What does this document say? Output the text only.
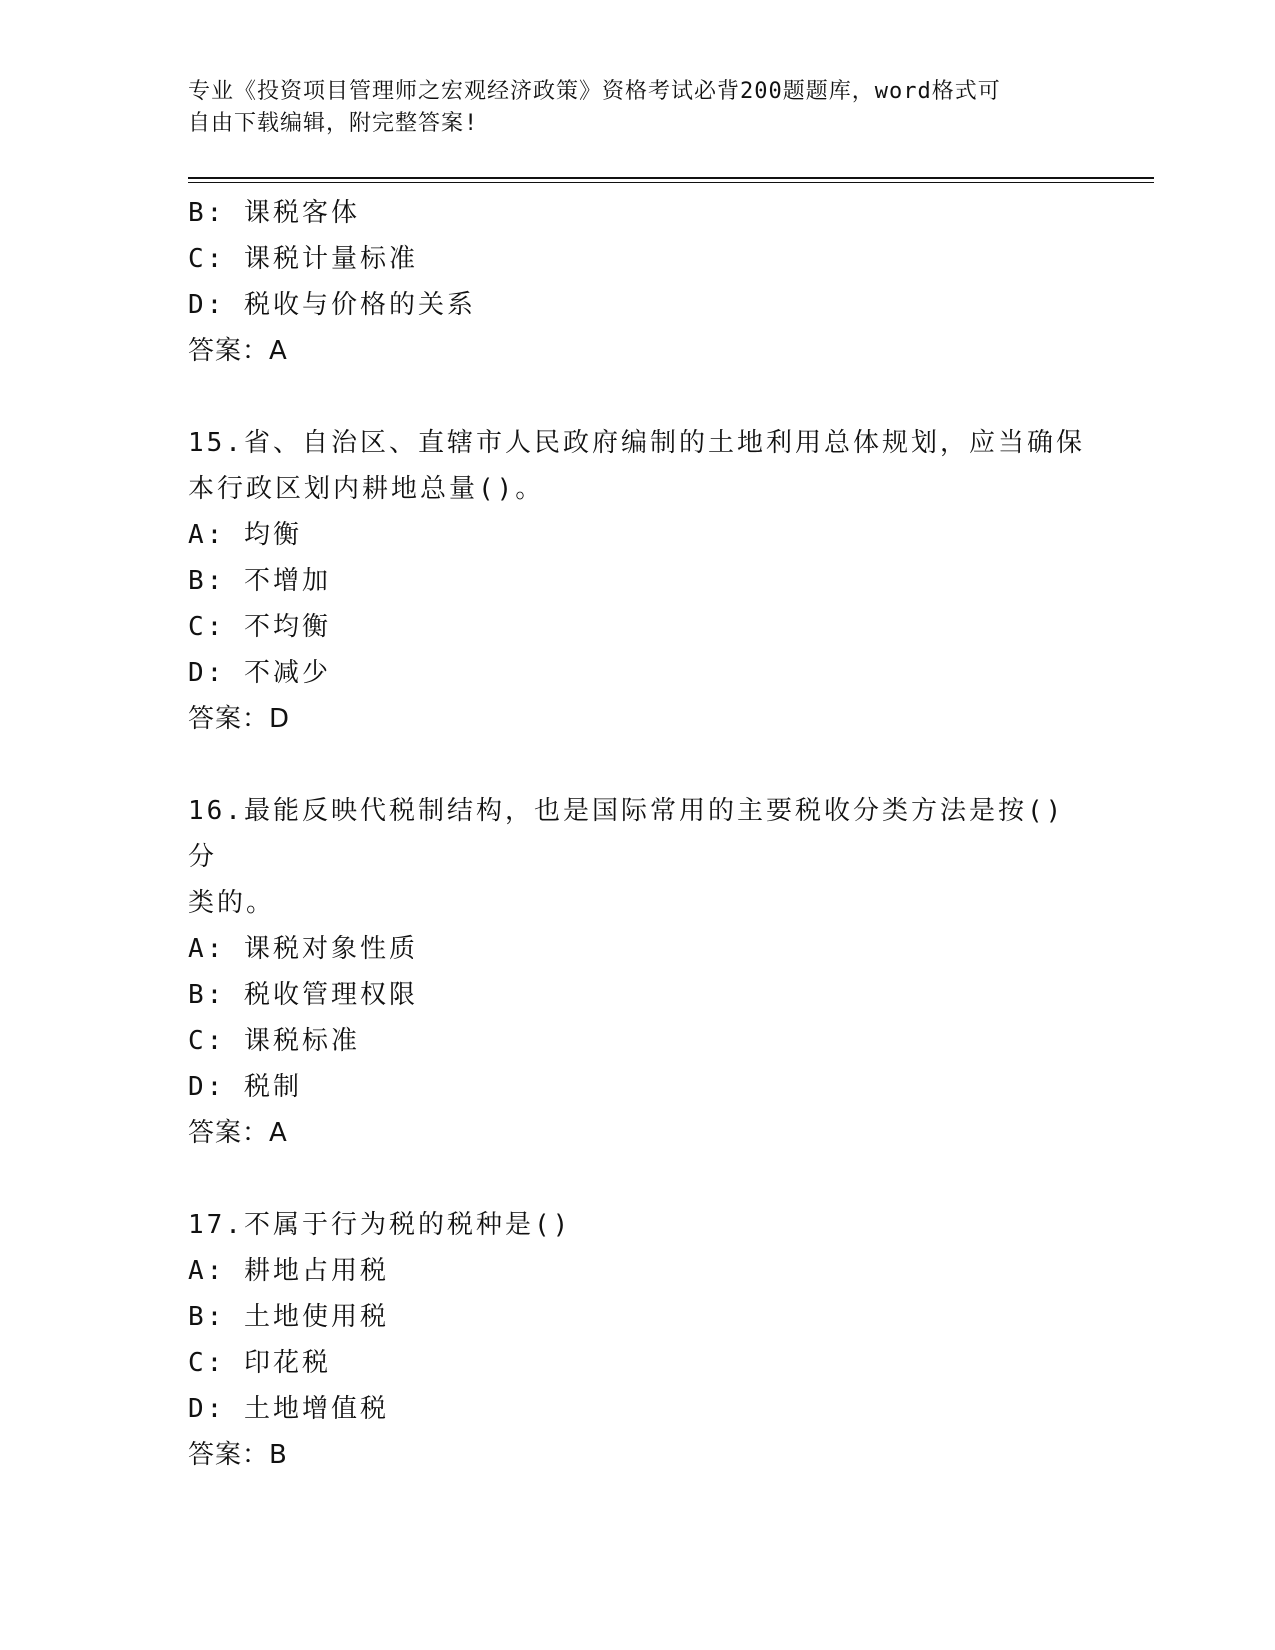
专业《投资项目管理师之宏观经济政策》资格考试必背200题题库，word格式可
自由下载编辑，附完整答案!
B: 课税客体
C: 课税计量标准
D: 税收与价格的关系
答案：A
15.省、自治区、直辖市人民政府编制的土地利用总体规划，应当确保
本行政区划内耕地总量()。
A: 均衡
B: 不增加
C: 不均衡
D: 不减少
答案：D
16.最能反映代税制结构，也是国际常用的主要税收分类方法是按()分
类的。
A: 课税对象性质
B: 税收管理权限
C: 课税标准
D: 税制
答案：A
17.不属于行为税的税种是()
A: 耕地占用税
B: 土地使用税
C: 印花税
D: 土地增值税
答案：B
